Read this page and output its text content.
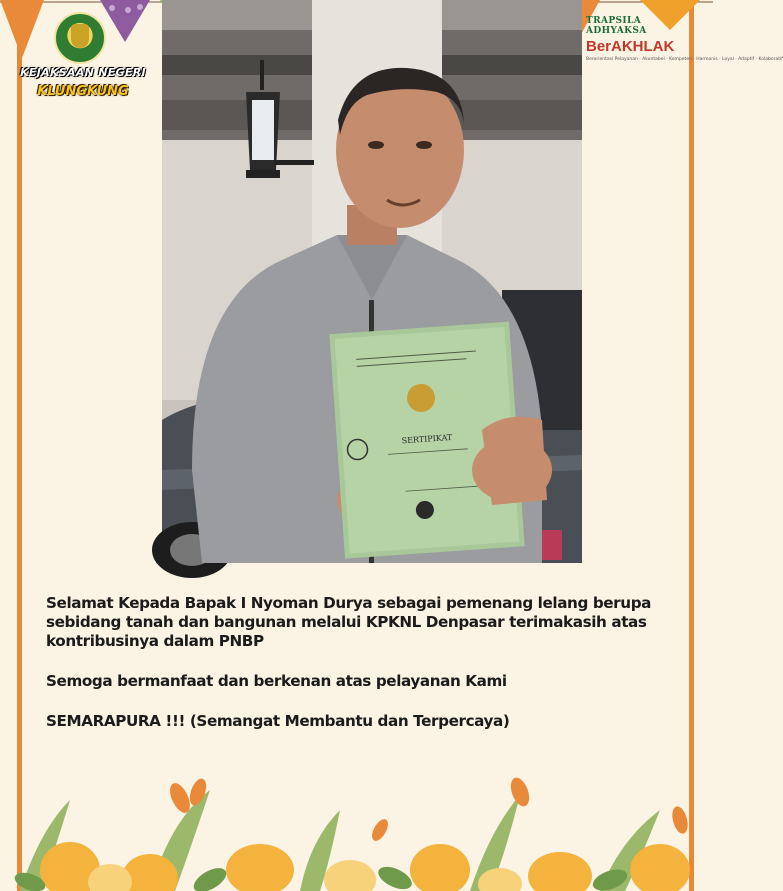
KEJAKSAAN NEGERI
KLUNGKUNG
TRAPSILA
ADHYAKSA
BerAKHLAK
Berorientasi Pelayanan · Akuntabel · Kompeten · Harmonis · Loyal · Adaptif · Kolaboratif
SERTIPIKAT

Selamat Kepada Bapak I Nyoman Durya sebagai pemenang lelang berupa sebidang tanah dan bangunan melalui KPKNL Denpasar terimakasih atas kontribusinya dalam PNBP

Semoga bermanfaat dan berkenan atas pelayanan Kami

SEMARAPURA !!! (Semangat Membantu dan Terpercaya)
